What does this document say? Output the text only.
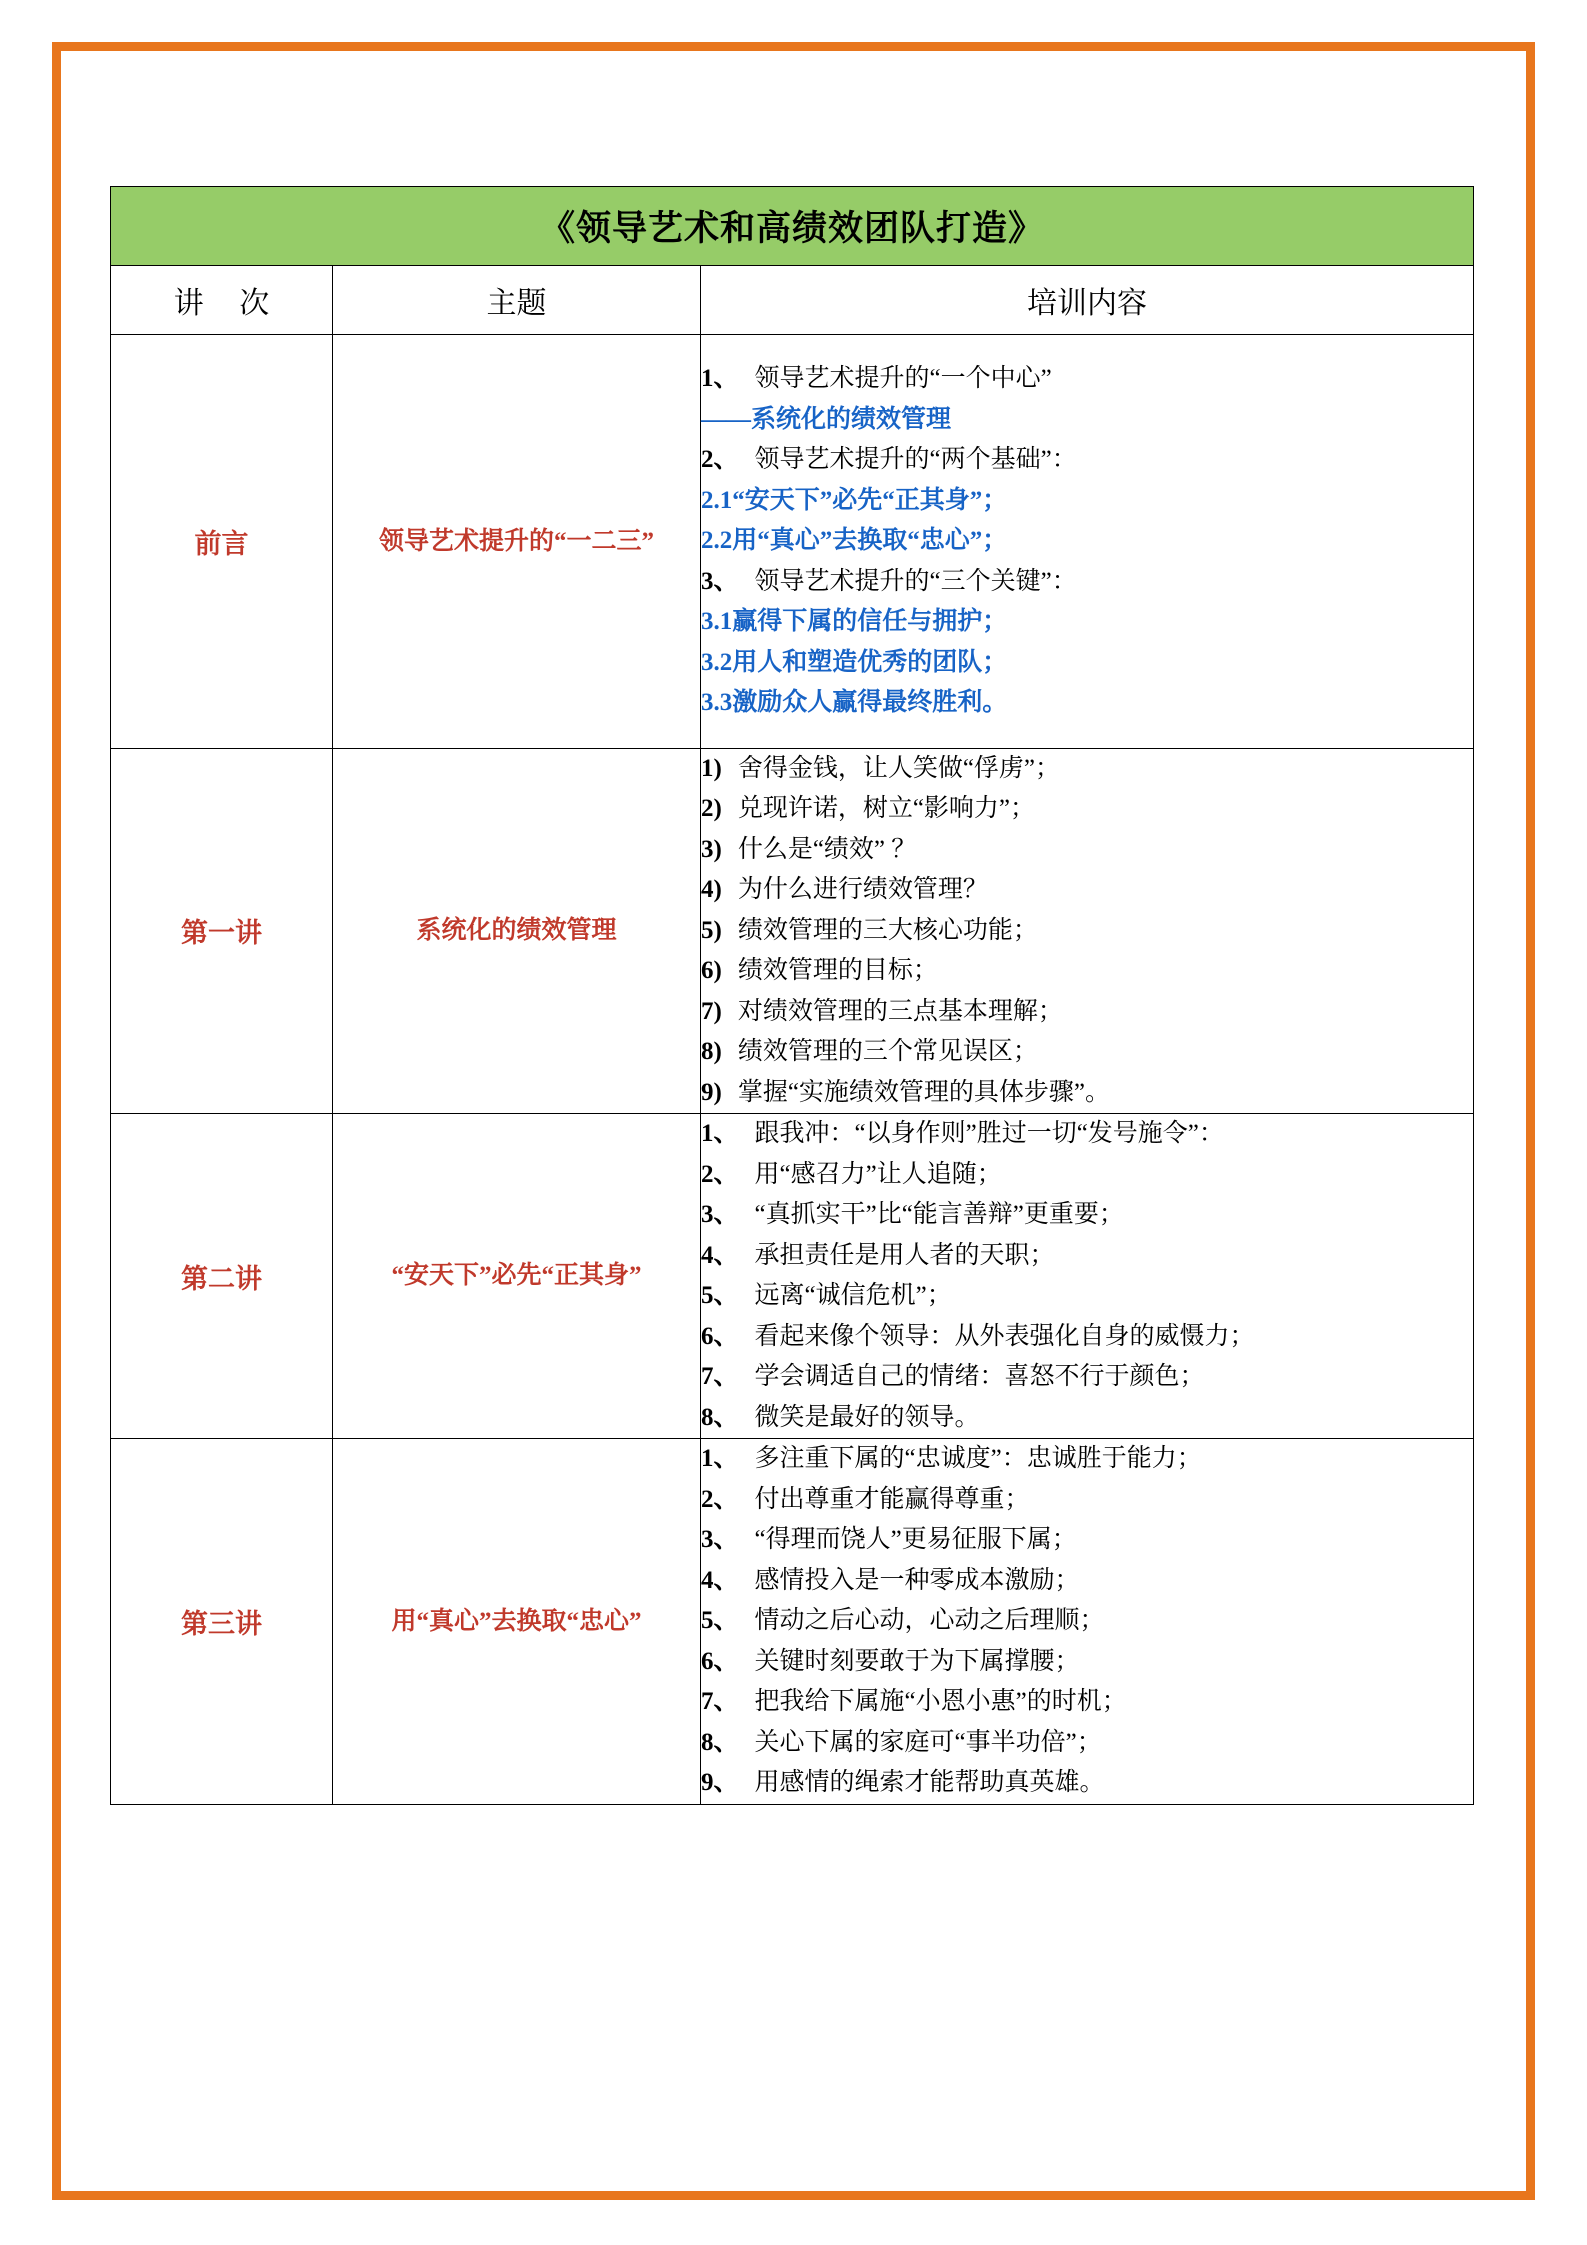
《领导艺术和高绩效团队打造》		
讲 次	主题	培训内容
前言	领导艺术提升的“一二三”	
1、 领导艺术提升的“一个中心”
——系统化的绩效管理
2、 领导艺术提升的“两个基础”：
2.1“安天下”必先“正其身”；
2.2用“真心”去换取“忠心”；
3、 领导艺术提升的“三个关键”：
3.1赢得下属的信任与拥护；
3.2用人和塑造优秀的团队；
3.3激励众人赢得最终胜利。

第一讲	系统化的绩效管理	
1) 舍得金钱，让人笑做“俘虏”；
2) 兑现许诺，树立“影响力”；
3) 什么是“绩效” ？
4) 为什么进行绩效管理？
5) 绩效管理的三大核心功能；
6) 绩效管理的目标；
7) 对绩效管理的三点基本理解；
8) 绩效管理的三个常见误区；
9) 掌握“实施绩效管理的具体步骤”。

第二讲	“安天下”必先“正其身”	
1、 跟我冲：“以身作则”胜过一切“发号施令”：
2、 用“感召力”让人追随；
3、 “真抓实干”比“能言善辩”更重要；
4、 承担责任是用人者的天职；
5、 远离“诚信危机”；
6、 看起来像个领导：从外表强化自身的威慑力；
7、 学会调适自己的情绪：喜怒不行于颜色；
8、 微笑是最好的领导。

第三讲	用“真心”去换取“忠心”	
1、 多注重下属的“忠诚度”：忠诚胜于能力；
2、 付出尊重才能赢得尊重；
3、 “得理而饶人”更易征服下属；
4、 感情投入是一种零成本激励；
5、 情动之后心动，心动之后理顺；
6、 关键时刻要敢于为下属撑腰；
7、 把我给下属施“小恩小惠”的时机；
8、 关心下属的家庭可“事半功倍”；
9、 用感情的绳索才能帮助真英雄。
